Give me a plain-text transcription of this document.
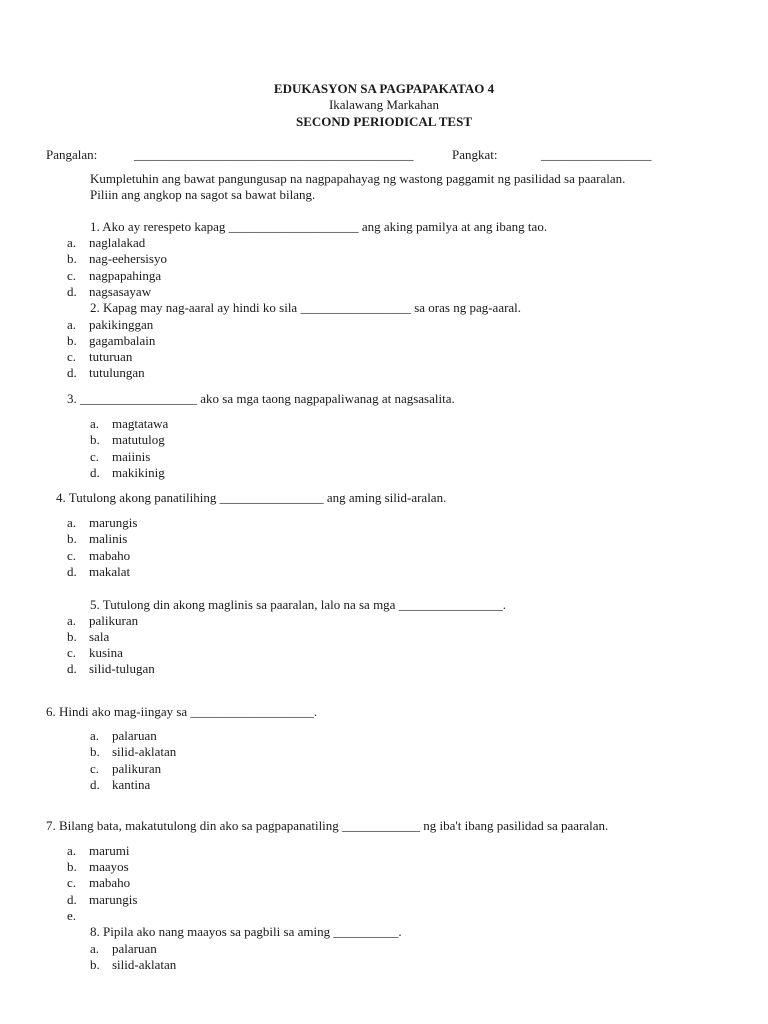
EDUKASYON SA PAGPAPAKATAO 4
Ikalawang Markahan
SECOND PERIODICAL TEST
Pangalan:	___________________________________________	Pangkat:	_________________
Kumpletuhin ang bawat pangungusap na nagpapahayag ng wastong paggamit ng pasilidad sa paaralan.
Piliin ang angkop na sagot sa bawat bilang.
1. Ako ay rerespeto kapag ____________________ ang aking pamilya at ang ibang tao.
a. naglalakad
b. nag-eehersisyo
c. nagpapahinga
d. nagsasayaw
2. Kapag may nag-aaral ay hindi ko sila _________________ sa oras ng pag-aaral.
a. pakikinggan
b. gagambalain
c. tuturuan
d. tutulungan
3. __________________ ako sa mga taong nagpapaliwanag at nagsasalita.
a. magtatawa
b. matutulog
c. maiinis
d. makikinig
4. Tutulong akong panatilihing ________________ ang aming silid-aralan.
a. marungis
b. malinis
c. mabaho
d. makalat
5. Tutulong din akong maglinis sa paaralan, lalo na sa mga ________________.
a. palikuran
b. sala
c. kusina
d. silid-tulugan
6. Hindi ako mag-iingay sa ___________________.
a. palaruan
b. silid-aklatan
c. palikuran
d. kantina
7. Bilang bata, makatutulong din ako sa pagpapanatiling ____________ ng iba't ibang pasilidad sa paaralan.
a. marumi
b. maayos
c. mabaho
d. marungis
e.
8. Pipila ako nang maayos sa pagbili sa aming __________.
a. palaruan
b. silid-aklatan
